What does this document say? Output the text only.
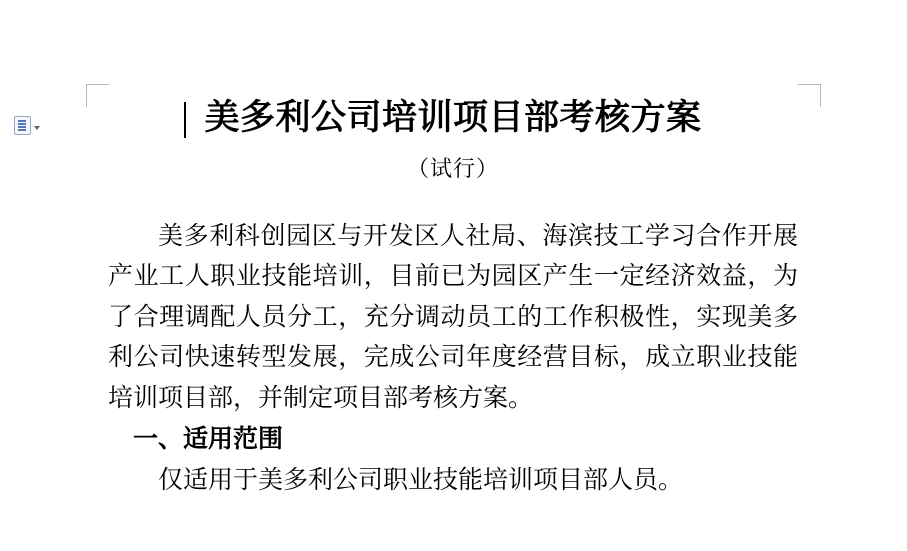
美多利公司培训项目部考核方案
（试行）

美多利科创园区与开发区人社局、海滨技工学习合作开展产业工人职业技能培训，目前已为园区产生一定经济效益，为了合理调配人员分工，充分调动员工的工作积极性，实现美多利公司快速转型发展，完成公司年度经营目标，成立职业技能培训项目部，并制定项目部考核方案。

一、适用范围

仅适用于美多利公司职业技能培训项目部人员。
